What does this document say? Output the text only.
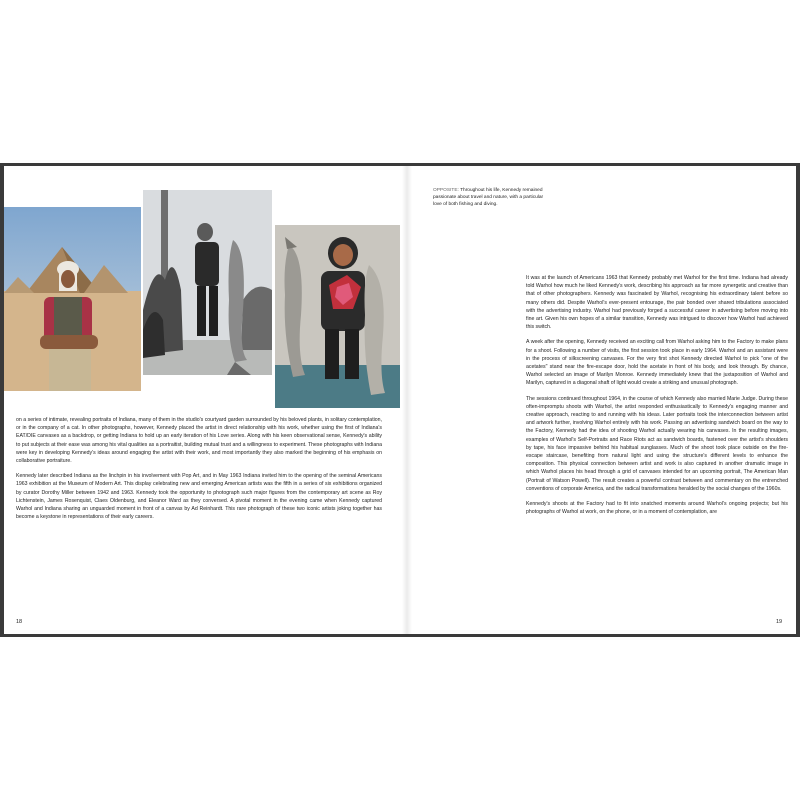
OPPOSITE: Throughout his life, Kennedy remained passionate about travel and nature, with a particular love of both fishing and diving.

on a series of intimate, revealing portraits of Indiana, many of them in the studio's courtyard garden surrounded by his beloved plants, in solitary contemplation, or in the company of a cat. In other photographs, however, Kennedy placed the artist in direct relationship with his work, whether using the first of Indiana's EAT/DIE canvases as a backdrop, or getting Indiana to hold up an early iteration of his Love series. Along with his keen observational sense, Kennedy's ability to put subjects at their ease was among his vital qualities as a portraitist, building mutual trust and a willingness to experiment. These photographs with Indiana were key in developing Kennedy's ideas around engaging the artist with their work, and most importantly they also marked the beginning of his emphasis on collaborative portraiture.

Kennedy later described Indiana as the linchpin in his involvement with Pop Art, and in May 1963 Indiana invited him to the opening of the seminal Americans 1963 exhibition at the Museum of Modern Art. This display celebrating new and emerging American artists was the fifth in a series of six exhibitions organized by curator Dorothy Miller between 1942 and 1963. Kennedy took the opportunity to photograph such major figures from the contemporary art scene as Roy Lichtenstein, James Rosenquist, Claes Oldenburg, and Eleanor Ward as they conversed. A pivotal moment in the evening came when Kennedy captured Warhol and Indiana sharing an unguarded moment in front of a canvas by Ad Reinhardt. This rare photograph of these two iconic artists joking together has become a keystone in representations of their early careers.

It was at the launch of Americans 1963 that Kennedy probably met Warhol for the first time. Indiana had already told Warhol how much he liked Kennedy's work, describing his approach as far more synergetic and creative than that of other photographers. Kennedy was fascinated by Warhol, recognising his extraordinary talent before so many others did. Despite Warhol's ever-present entourage, the pair bonded over shared tribulations associated with the advertising industry. Warhol had previously forged a successful career in advertising before moving into fine art. Given his own hopes of a similar transition, Kennedy was intrigued to discover how Warhol had achieved this switch.

A week after the opening, Kennedy received an exciting call from Warhol asking him to the Factory to make plans for a shoot. Following a number of visits, the first session took place in early 1964. Warhol and an assistant were in the process of silkscreening canvases. For the very first shot Kennedy directed Warhol to pick "one of the acetates" stand near the fire-escape door, hold the acetate in front of his body, and look through. By chance, Warhol selected an image of Marilyn Monroe. Kennedy immediately knew that the juxtaposition of Warhol and Marilyn, captured in a diagonal shaft of light would create a striking and unusual photograph.

The sessions continued throughout 1964, in the course of which Kennedy also married Marie Judge. During these often-impromptu shoots with Warhol, the artist responded enthusiastically to Kennedy's engaging manner and creative approach, reacting to and running with his ideas. Later portraits took the interconnection between artist and artwork further, involving Warhol entirely with his work. Passing an advertising sandwich board on the way to the Factory, Kennedy had the idea of shooting Warhol actually wearing his canvases. In the resulting images, examples of Warhol's Self-Portraits and Race Riots act as sandwich boards, fastened over the artist's shoulders by tape, his face impassive behind his habitual sunglasses. Much of the shoot took place outside on the fire-escape staircase, benefiting from natural light and using the structure's different levels to enhance the composition. This physical connection between artist and work is also captured in another dramatic image in which Warhol places his head through a grid of canvases intended for an upcoming portrait, The American Man (Portrait of Watson Powell). The result creates a powerful contrast between and commentary on the entrenched conventions of corporate America, and the radical transformations heralded by the social changes of the 1960s.

Kennedy's shoots at the Factory had to fit into snatched moments around Warhol's ongoing projects; but his photographs of Warhol at work, on the phone, or in a moment of contemplation, are

18	19
